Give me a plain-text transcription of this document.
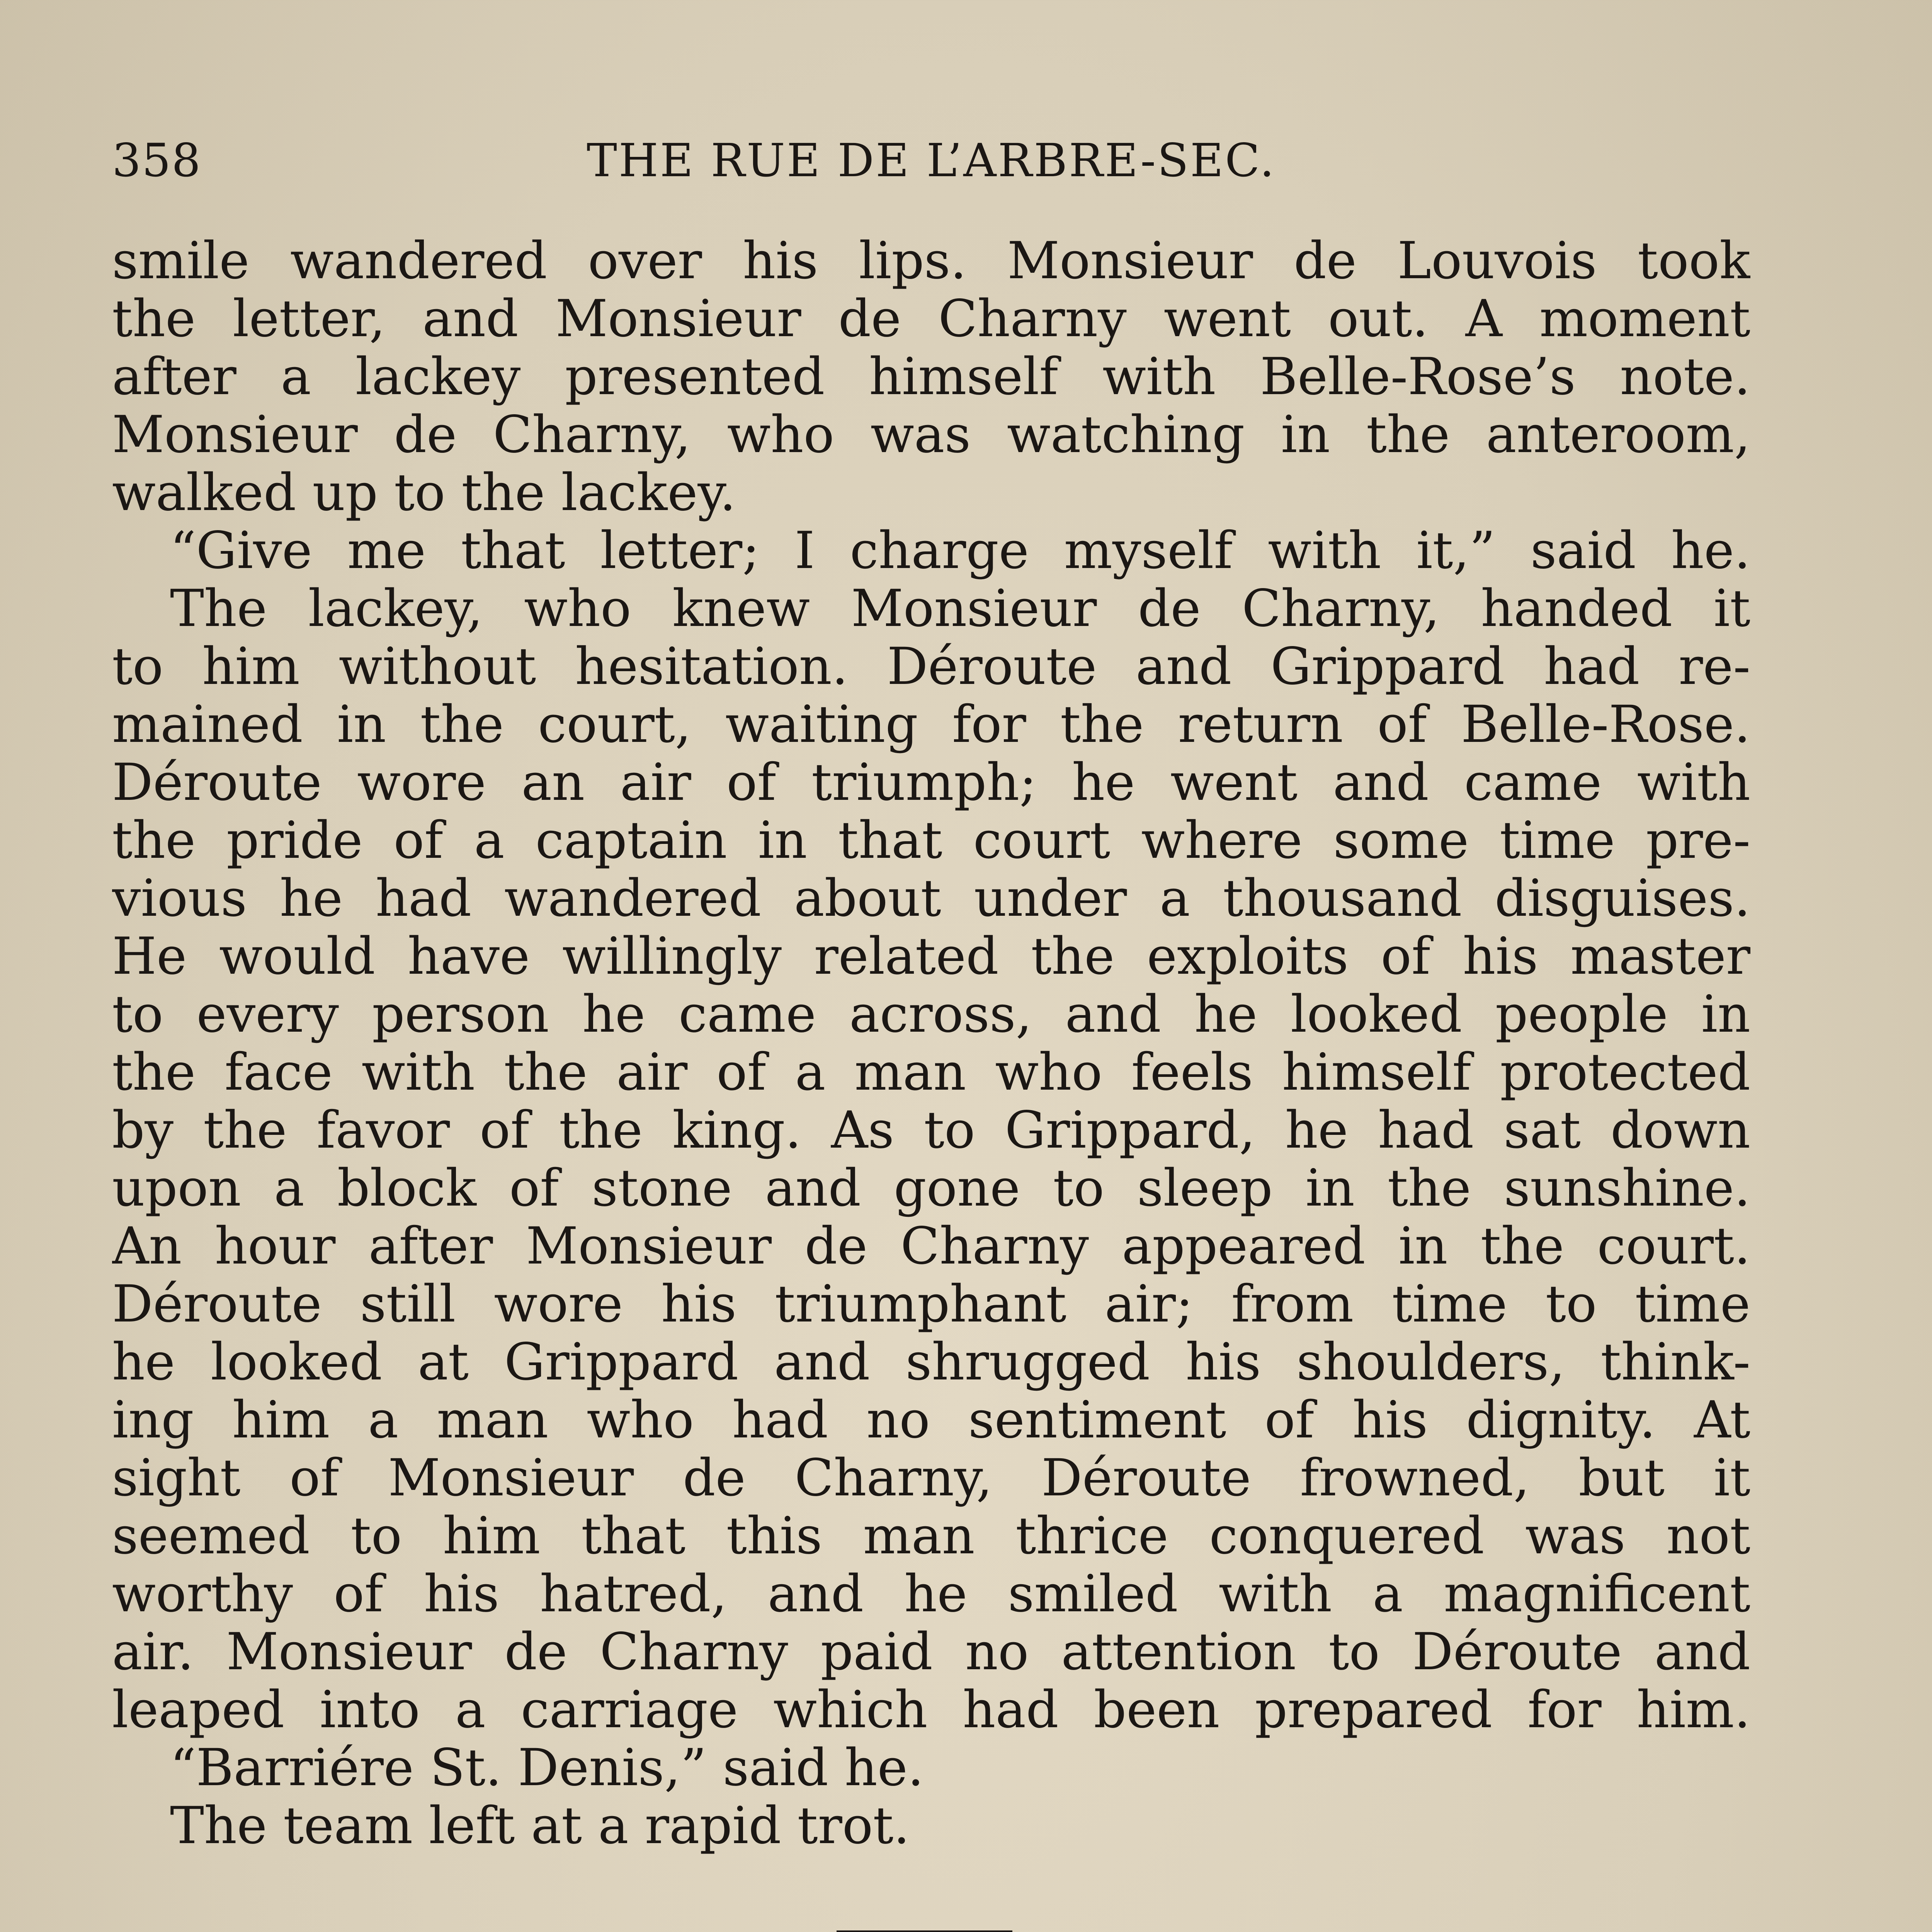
358	THE RUE DE L’ARBRE-SEC.
smile wandered over his lips. Monsieur de Louvois took
the letter, and Monsieur de Charny went out. A moment
after a lackey presented himself with Belle-Rose’s note.
Monsieur de Charny, who was watching in the anteroom,
walked up to the lackey.
“Give me that letter; I charge myself with it,” said he.
The lackey, who knew Monsieur de Charny, handed it
to him without hesitation. Déroute and Grippard had re-
mained in the court, waiting for the return of Belle-Rose.
Déroute wore an air of triumph; he went and came with
the pride of a captain in that court where some time pre-
vious he had wandered about under a thousand disguises.
He would have willingly related the exploits of his master
to every person he came across, and he looked people in
the face with the air of a man who feels himself protected
by the favor of the king. As to Grippard, he had sat down
upon a block of stone and gone to sleep in the sunshine.
An hour after Monsieur de Charny appeared in the court.
Déroute still wore his triumphant air; from time to time
he looked at Grippard and shrugged his shoulders, think-
ing him a man who had no sentiment of his dignity. At
sight of Monsieur de Charny, Déroute frowned, but it
seemed to him that this man thrice conquered was not
worthy of his hatred, and he smiled with a magnificent
air. Monsieur de Charny paid no attention to Déroute and
leaped into a carriage which had been prepared for him.
“Barriére St. Denis,” said he.
The team left at a rapid trot.
